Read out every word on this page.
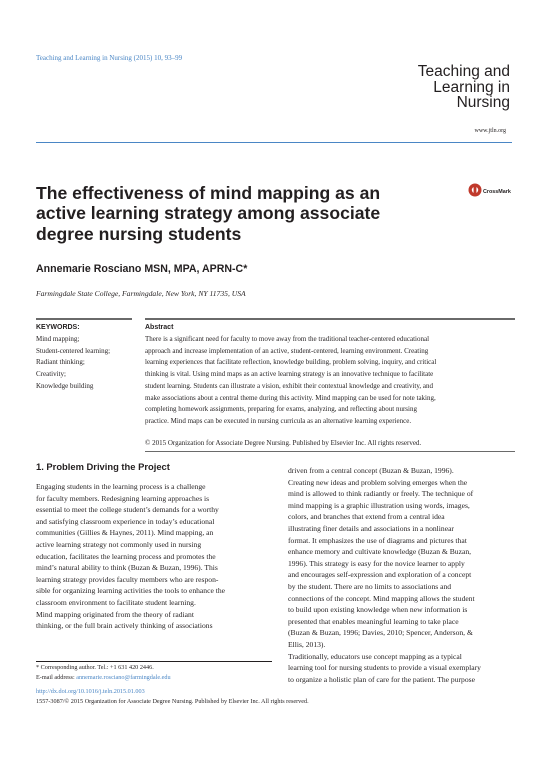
Teaching and Learning in Nursing (2015) 10, 93–99
Teaching and
Learning in
Nursing
www.jtln.org
The effectiveness of mind mapping as an active learning strategy among associate degree nursing students
CrossMark
Annemarie Rosciano MSN, MPA, APRN-C*
Farmingdale State College, Farmingdale, New York, NY 11735, USA
KEYWORDS:
Mind mapping;
Student-centered learning;
Radiant thinking;
Creativity;
Knowledge building
Abstract
There is a significant need for faculty to move away from the traditional teacher-centered educational
approach and increase implementation of an active, student-centered, learning environment. Creating
learning experiences that facilitate reflection, knowledge building, problem solving, inquiry, and critical
thinking is vital. Using mind maps as an active learning strategy is an innovative technique to facilitate
student learning. Students can illustrate a vision, exhibit their contextual knowledge and creativity, and
make associations about a central theme during this activity. Mind mapping can be used for note taking,
completing homework assignments, preparing for exams, analyzing, and reflecting about nursing
practice. Mind maps can be executed in nursing curricula as an alternative learning experience.
© 2015 Organization for Associate Degree Nursing. Published by Elsevier Inc. All rights reserved.
1. Problem Driving the Project
Engaging students in the learning process is a challenge
for faculty members. Redesigning learning approaches is
essential to meet the college student’s demands for a worthy
and satisfying classroom experience in today’s educational
communities (Gillies & Haynes, 2011). Mind mapping, an
active learning strategy not commonly used in nursing
education, facilitates the learning process and promotes the
mind’s natural ability to think (Buzan & Buzan, 1996). This
learning strategy provides faculty members who are respon-
sible for organizing learning activities the tools to enhance the
classroom environment to facilitate student learning.
Mind mapping originated from the theory of radiant
thinking, or the full brain actively thinking of associations
driven from a central concept (Buzan & Buzan, 1996).
Creating new ideas and problem solving emerges when the
mind is allowed to think radiantly or freely. The technique of
mind mapping is a graphic illustration using words, images,
colors, and branches that extend from a central idea
illustrating finer details and associations in a nonlinear
format. It emphasizes the use of diagrams and pictures that
enhance memory and cultivate knowledge (Buzan & Buzan,
1996). This strategy is easy for the novice learner to apply
and encourages self-expression and exploration of a concept
by the student. There are no limits to associations and
connections of the concept. Mind mapping allows the student
to build upon existing knowledge when new information is
presented that enables meaningful learning to take place
(Buzan & Buzan, 1996; Davies, 2010; Spencer, Anderson, &
Ellis, 2013).
Traditionally, educators use concept mapping as a typical
learning tool for nursing students to provide a visual exemplary
to organize a holistic plan of care for the patient. The purpose
* Corresponding author. Tel.: +1 631 420 2446.
E-mail address: annemarie.rosciano@farmingdale.edu
http://dx.doi.org/10.1016/j.teln.2015.01.003
1557-3087/© 2015 Organization for Associate Degree Nursing. Published by Elsevier Inc. All rights reserved.
